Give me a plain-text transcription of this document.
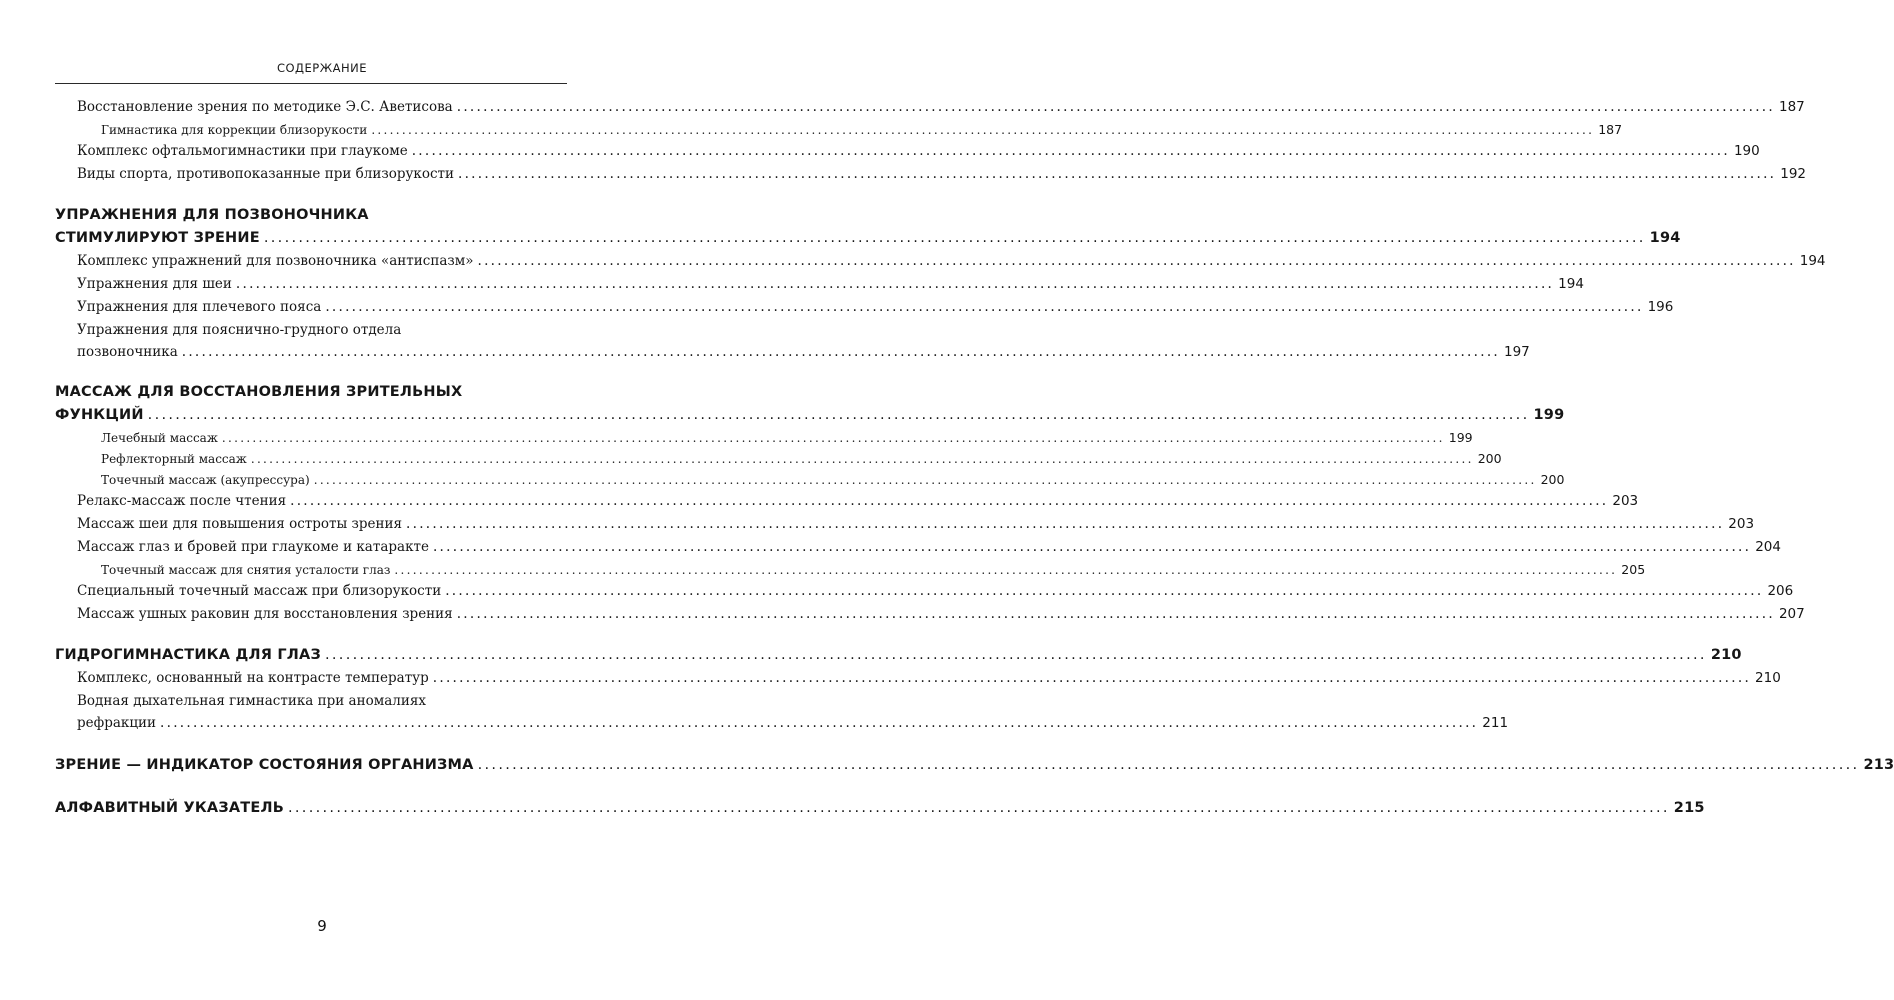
СОДЕРЖАНИЕ
Восстановление зрения по методике Э.С. Аветисова ........................................................................................................................................................................................................ 187
Гимнастика для коррекции близорукости ........................................................................................................................................................................................................ 187
Комплекс офтальмогимнастики при глаукоме ........................................................................................................................................................................................................ 190
Виды спорта, противопоказанные при близорукости ........................................................................................................................................................................................................ 192
УПРАЖНЕНИЯ ДЛЯ ПОЗВОНОЧНИКА
СТИМУЛИРУЮТ ЗРЕНИЕ ........................................................................................................................................................................................................ 194
Комплекс упражнений для позвоночника «антиспазм» ........................................................................................................................................................................................................ 194
Упражнения для шеи ........................................................................................................................................................................................................ 194
Упражнения для плечевого пояса ........................................................................................................................................................................................................ 196
Упражнения для пояснично-грудного отдела
позвоночника ........................................................................................................................................................................................................ 197
МАССАЖ ДЛЯ ВОССТАНОВЛЕНИЯ ЗРИТЕЛЬНЫХ
ФУНКЦИЙ ........................................................................................................................................................................................................ 199
Лечебный массаж ........................................................................................................................................................................................................ 199
Рефлекторный массаж ........................................................................................................................................................................................................ 200
Точечный массаж (акупрессура) ........................................................................................................................................................................................................ 200
Релакс-массаж после чтения ........................................................................................................................................................................................................ 203
Массаж шеи для повышения остроты зрения ........................................................................................................................................................................................................ 203
Массаж глаз и бровей при глаукоме и катаракте ........................................................................................................................................................................................................ 204
Точечный массаж для снятия усталости глаз ........................................................................................................................................................................................................ 205
Специальный точечный массаж при близорукости ........................................................................................................................................................................................................ 206
Массаж ушных раковин для восстановления зрения ........................................................................................................................................................................................................ 207
ГИДРОГИМНАСТИКА ДЛЯ ГЛАЗ ........................................................................................................................................................................................................ 210
Комплекс, основанный на контрасте температур ........................................................................................................................................................................................................ 210
Водная дыхательная гимнастика при аномалиях
рефракции ........................................................................................................................................................................................................ 211
ЗРЕНИЕ — ИНДИКАТОР СОСТОЯНИЯ ОРГАНИЗМА ........................................................................................................................................................................................................ 213
АЛФАВИТНЫЙ УКАЗАТЕЛЬ ........................................................................................................................................................................................................ 215
9
